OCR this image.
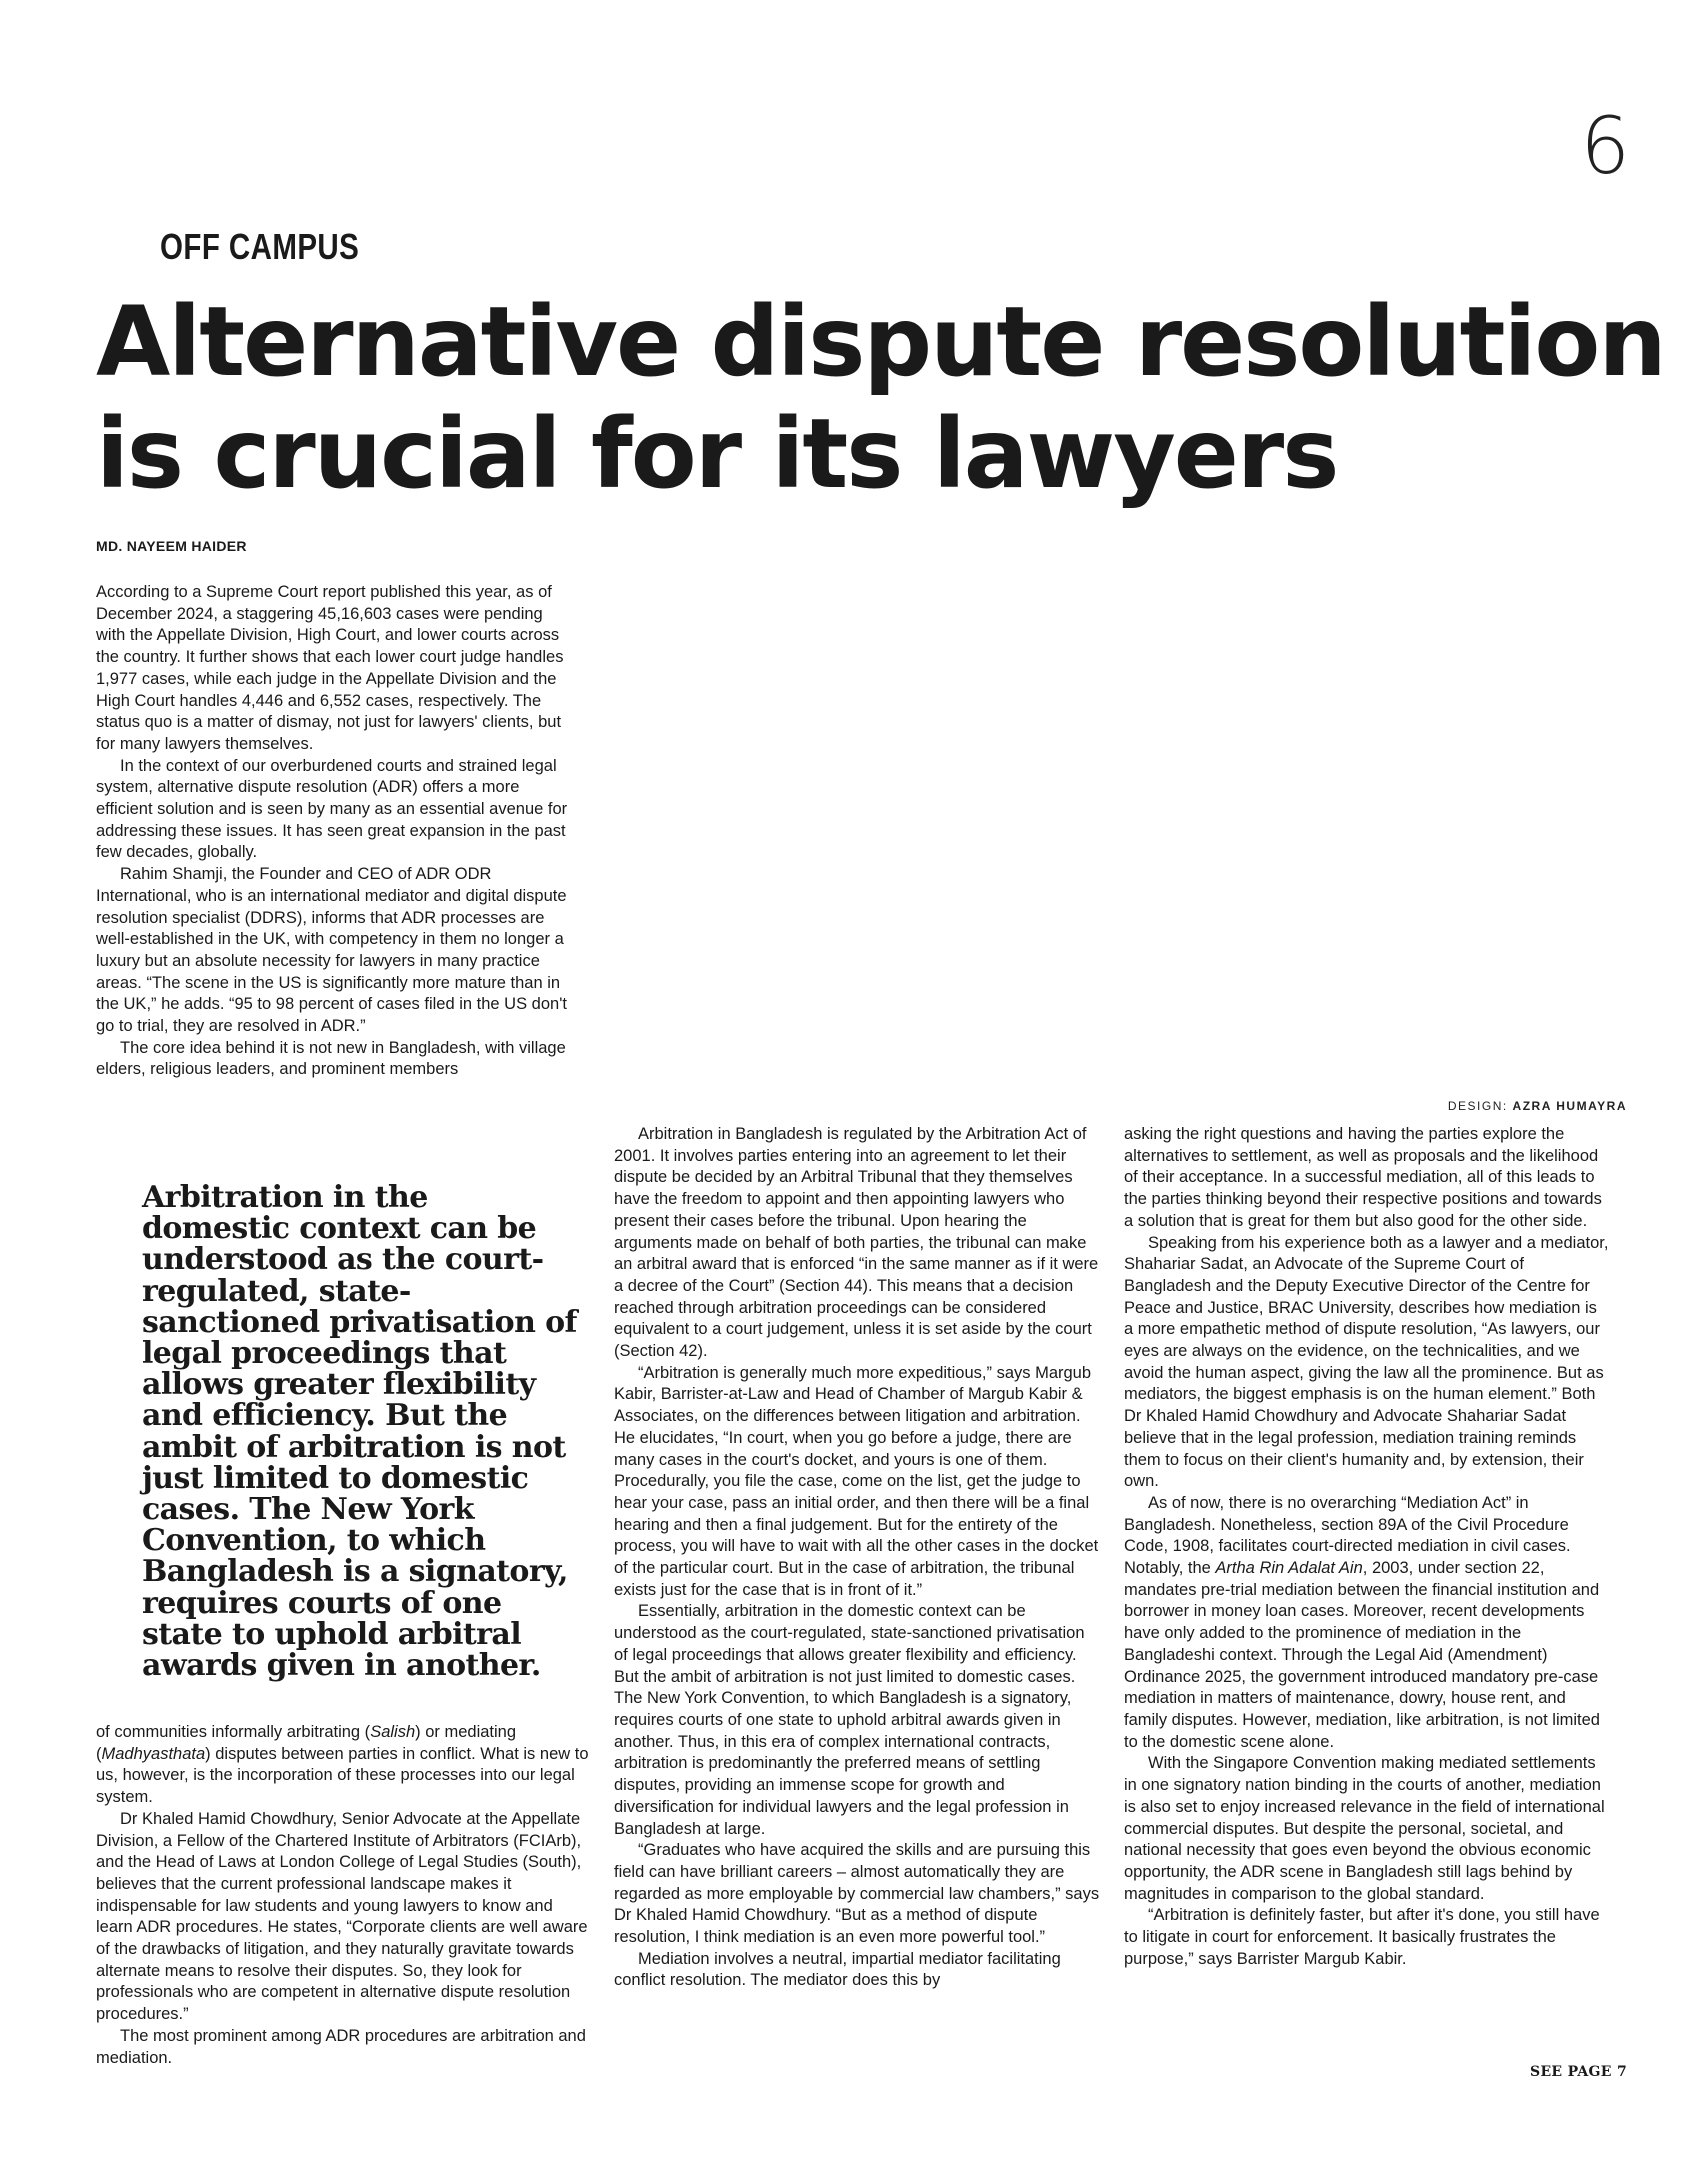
6
OFF CAMPUS
Alternative dispute resolution
is crucial for its lawyers
MD. NAYEEM HAIDER
DESIGN: AZRA HUMAYRA

According to a Supreme Court report published this year, as of December 2024, a staggering 45,16,603 cases were pending with the Appellate Division, High Court, and lower courts across the country. It further shows that each lower court judge handles 1,977 cases, while each judge in the Appellate Division and the High Court handles 4,446 and 6,552 cases, respectively. The status quo is a matter of dismay, not just for lawyers' clients, but for many lawyers themselves.

In the context of our overburdened courts and strained legal system, alternative dispute resolution (ADR) offers a more efficient solution and is seen by many as an essential avenue for addressing these issues. It has seen great expansion in the past few decades, globally.

Rahim Shamji, the Founder and CEO of ADR ODR International, who is an international mediator and digital dispute resolution specialist (DDRS), informs that ADR processes are well-established in the UK, with competency in them no longer a luxury but an absolute necessity for lawyers in many practice areas. “The scene in the US is significantly more mature than in the UK,” he adds. “95 to 98 percent of cases filed in the US don't go to trial, they are resolved in ADR.”

The core idea behind it is not new in Bangladesh, with village elders, religious leaders, and prominent members

Arbitration in the domestic context can be understood as the court-regulated, state-sanctioned privatisation of legal proceedings that allows greater flexibility and efficiency. But the ambit of arbitration is not just limited to domestic cases. The New York Convention, to which Bangladesh is a signatory, requires courts of one state to uphold arbitral awards given in another.

of communities informally arbitrating (Salish) or mediating (Madhyasthata) disputes between parties in conflict. What is new to us, however, is the incorporation of these processes into our legal system.

Dr Khaled Hamid Chowdhury, Senior Advocate at the Appellate Division, a Fellow of the Chartered Institute of Arbitrators (FCIArb), and the Head of Laws at London College of Legal Studies (South), believes that the current professional landscape makes it indispensable for law students and young lawyers to know and learn ADR procedures. He states, “Corporate clients are well aware of the drawbacks of litigation, and they naturally gravitate towards alternate means to resolve their disputes. So, they look for professionals who are competent in alternative dispute resolution procedures.”

The most prominent among ADR procedures are arbitration and mediation.

Arbitration in Bangladesh is regulated by the Arbitration Act of 2001. It involves parties entering into an agreement to let their dispute be decided by an Arbitral Tribunal that they themselves have the freedom to appoint and then appointing lawyers who present their cases before the tribunal. Upon hearing the arguments made on behalf of both parties, the tribunal can make an arbitral award that is enforced “in the same manner as if it were a decree of the Court” (Section 44). This means that a decision reached through arbitration proceedings can be considered equivalent to a court judgement, unless it is set aside by the court (Section 42).

“Arbitration is generally much more expeditious,” says Margub Kabir, Barrister-at-Law and Head of Chamber of Margub Kabir & Associates, on the differences between litigation and arbitration. He elucidates, “In court, when you go before a judge, there are many cases in the court's docket, and yours is one of them. Procedurally, you file the case, come on the list, get the judge to hear your case, pass an initial order, and then there will be a final hearing and then a final judgement. But for the entirety of the process, you will have to wait with all the other cases in the docket of the particular court. But in the case of arbitration, the tribunal exists just for the case that is in front of it.”

Essentially, arbitration in the domestic context can be understood as the court-regulated, state-sanctioned privatisation of legal proceedings that allows greater flexibility and efficiency. But the ambit of arbitration is not just limited to domestic cases. The New York Convention, to which Bangladesh is a signatory, requires courts of one state to uphold arbitral awards given in another. Thus, in this era of complex international contracts, arbitration is predominantly the preferred means of settling disputes, providing an immense scope for growth and diversification for individual lawyers and the legal profession in Bangladesh at large.

“Graduates who have acquired the skills and are pursuing this field can have brilliant careers – almost automatically they are regarded as more employable by commercial law chambers,” says Dr Khaled Hamid Chowdhury. “But as a method of dispute resolution, I think mediation is an even more powerful tool.”

Mediation involves a neutral, impartial mediator facilitating conflict resolution. The mediator does this by

asking the right questions and having the parties explore the alternatives to settlement, as well as proposals and the likelihood of their acceptance. In a successful mediation, all of this leads to the parties thinking beyond their respective positions and towards a solution that is great for them but also good for the other side.

Speaking from his experience both as a lawyer and a mediator, Shahariar Sadat, an Advocate of the Supreme Court of Bangladesh and the Deputy Executive Director of the Centre for Peace and Justice, BRAC University, describes how mediation is a more empathetic method of dispute resolution, “As lawyers, our eyes are always on the evidence, on the technicalities, and we avoid the human aspect, giving the law all the prominence. But as mediators, the biggest emphasis is on the human element.” Both Dr Khaled Hamid Chowdhury and Advocate Shahariar Sadat believe that in the legal profession, mediation training reminds them to focus on their client's humanity and, by extension, their own.

As of now, there is no overarching “Mediation Act” in Bangladesh. Nonetheless, section 89A of the Civil Procedure Code, 1908, facilitates court-directed mediation in civil cases. Notably, the Artha Rin Adalat Ain, 2003, under section 22, mandates pre-trial mediation between the financial institution and borrower in money loan cases. Moreover, recent developments have only added to the prominence of mediation in the Bangladeshi context. Through the Legal Aid (Amendment) Ordinance 2025, the government introduced mandatory pre-case mediation in matters of maintenance, dowry, house rent, and family disputes. However, mediation, like arbitration, is not limited to the domestic scene alone.

With the Singapore Convention making mediated settlements in one signatory nation binding in the courts of another, mediation is also set to enjoy increased relevance in the field of international commercial disputes. But despite the personal, societal, and national necessity that goes even beyond the obvious economic opportunity, the ADR scene in Bangladesh still lags behind by magnitudes in comparison to the global standard.

“Arbitration is definitely faster, but after it's done, you still have to litigate in court for enforcement. It basically frustrates the purpose,” says Barrister Margub Kabir.

SEE PAGE 7
